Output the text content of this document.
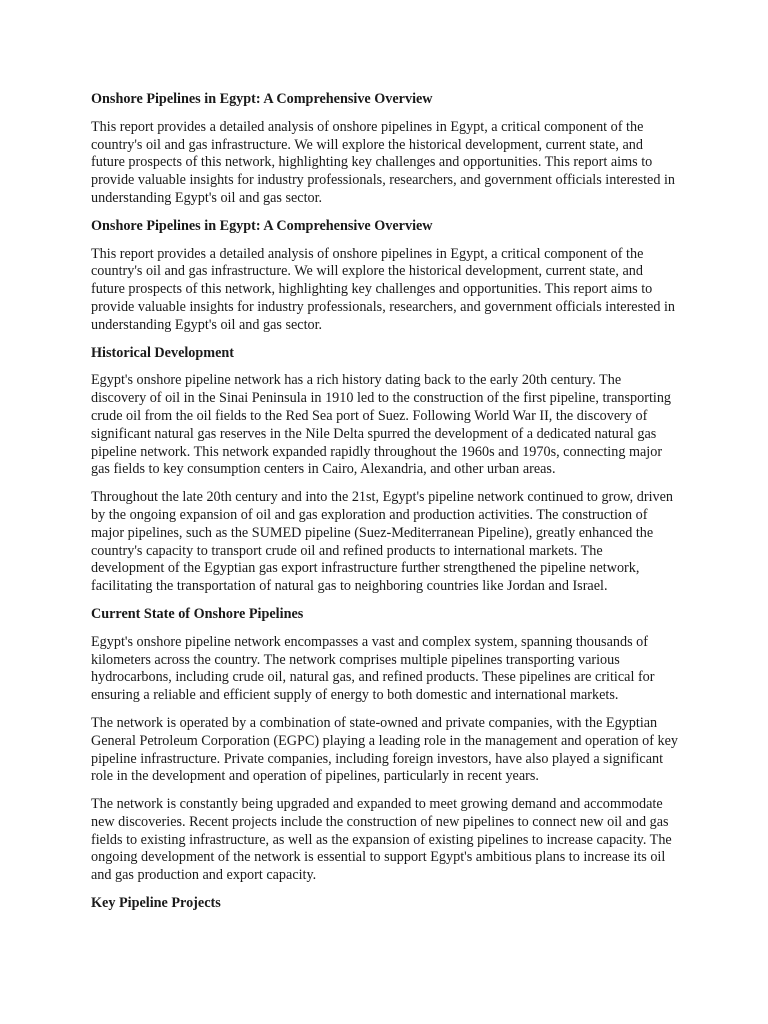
Onshore Pipelines in Egypt: A Comprehensive Overview
This report provides a detailed analysis of onshore pipelines in Egypt, a critical component of the country's oil and gas infrastructure. We will explore the historical development, current state, and future prospects of this network, highlighting key challenges and opportunities. This report aims to provide valuable insights for industry professionals, researchers, and government officials interested in understanding Egypt's oil and gas sector.
Onshore Pipelines in Egypt: A Comprehensive Overview
This report provides a detailed analysis of onshore pipelines in Egypt, a critical component of the country's oil and gas infrastructure. We will explore the historical development, current state, and future prospects of this network, highlighting key challenges and opportunities. This report aims to provide valuable insights for industry professionals, researchers, and government officials interested in understanding Egypt's oil and gas sector.
Historical Development
Egypt's onshore pipeline network has a rich history dating back to the early 20th century. The discovery of oil in the Sinai Peninsula in 1910 led to the construction of the first pipeline, transporting crude oil from the oil fields to the Red Sea port of Suez. Following World War II, the discovery of significant natural gas reserves in the Nile Delta spurred the development of a dedicated natural gas pipeline network. This network expanded rapidly throughout the 1960s and 1970s, connecting major gas fields to key consumption centers in Cairo, Alexandria, and other urban areas.
Throughout the late 20th century and into the 21st, Egypt's pipeline network continued to grow, driven by the ongoing expansion of oil and gas exploration and production activities. The construction of major pipelines, such as the SUMED pipeline (Suez-Mediterranean Pipeline), greatly enhanced the country's capacity to transport crude oil and refined products to international markets. The development of the Egyptian gas export infrastructure further strengthened the pipeline network, facilitating the transportation of natural gas to neighboring countries like Jordan and Israel.
Current State of Onshore Pipelines
Egypt's onshore pipeline network encompasses a vast and complex system, spanning thousands of kilometers across the country. The network comprises multiple pipelines transporting various hydrocarbons, including crude oil, natural gas, and refined products. These pipelines are critical for ensuring a reliable and efficient supply of energy to both domestic and international markets.
The network is operated by a combination of state-owned and private companies, with the Egyptian General Petroleum Corporation (EGPC) playing a leading role in the management and operation of key pipeline infrastructure. Private companies, including foreign investors, have also played a significant role in the development and operation of pipelines, particularly in recent years.
The network is constantly being upgraded and expanded to meet growing demand and accommodate new discoveries. Recent projects include the construction of new pipelines to connect new oil and gas fields to existing infrastructure, as well as the expansion of existing pipelines to increase capacity. The ongoing development of the network is essential to support Egypt's ambitious plans to increase its oil and gas production and export capacity.
Key Pipeline Projects
